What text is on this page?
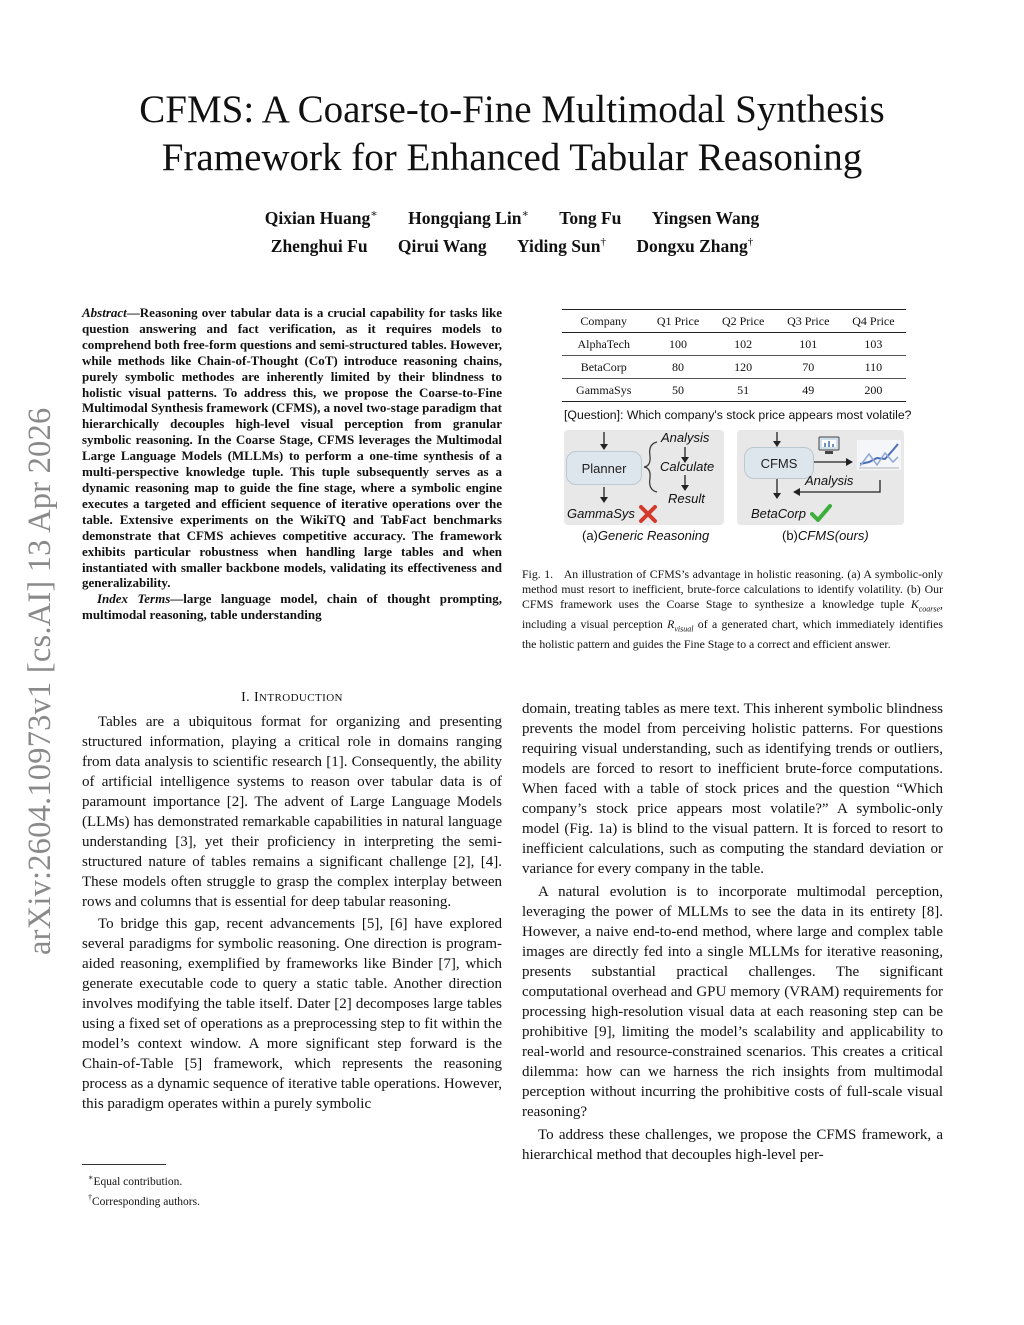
arXiv:2604.10973v1 [cs.AI] 13 Apr 2026
CFMS: A Coarse-to-Fine Multimodal Synthesis
Framework for Enhanced Tabular Reasoning
Qixian Huang∗ Hongqiang Lin∗ Tong Fu Yingsen Wang
Zhenghui Fu Qirui Wang Yiding Sun† Dongxu Zhang†

Abstract—Reasoning over tabular data is a crucial capability for tasks like question answering and fact verification, as it requires models to comprehend both free-form questions and semi-structured tables. However, while methods like Chain-of-Thought (CoT) introduce reasoning chains, purely symbolic methodes are inherently limited by their blindness to holistic visual patterns. To address this, we propose the Coarse-to-Fine Multimodal Synthesis framework (CFMS), a novel two-stage paradigm that hierarchically decouples high-level visual perception from granular symbolic reasoning. In the Coarse Stage, CFMS leverages the Multimodal Large Language Models (MLLMs) to perform a one-time synthesis of a multi-perspective knowledge tuple. This tuple subsequently serves as a dynamic reasoning map to guide the fine stage, where a symbolic engine executes a targeted and efficient sequence of iterative operations over the table. Extensive experiments on the WikiTQ and TabFact benchmarks demonstrate that CFMS achieves competitive accuracy. The framework exhibits particular robustness when handling large tables and when instantiated with smaller backbone models, validating its effectiveness and generalizability.

Index Terms—large language model, chain of thought prompting, multimodal reasoning, table understanding

I. INTRODUCTION

Tables are a ubiquitous format for organizing and presenting structured information, playing a critical role in domains ranging from data analysis to scientific research [1]. Consequently, the ability of artificial intelligence systems to reason over tabular data is of paramount importance [2]. The advent of Large Language Models (LLMs) has demonstrated remarkable capabilities in natural language understanding [3], yet their proficiency in interpreting the semi-structured nature of tables remains a significant challenge [2], [4]. These models often struggle to grasp the complex interplay between rows and columns that is essential for deep tabular reasoning.

To bridge this gap, recent advancements [5], [6] have explored several paradigms for symbolic reasoning. One direction is program-aided reasoning, exemplified by frameworks like Binder [7], which generate executable code to query a static table. Another direction involves modifying the table itself. Dater [2] decomposes large tables using a fixed set of operations as a preprocessing step to fit within the model’s context window. A more significant step forward is the Chain-of-Table [5] framework, which represents the reasoning process as a dynamic sequence of iterative table operations. However, this paradigm operates within a purely symbolic

∗Equal contribution.
†Corresponding authors.
Company	Q1 Price	Q2 Price	Q3 Price	Q4 Price
AlphaTech	100	102	101	103
BetaCorp	80	120	70	110
GammaSys	50	51	49	200
[Question]: Which company's stock price appears most volatile?
Planner
Analysis
Calculate
Result
GammaSys
(a)Generic Reasoning
CFMS
Analysis
BetaCorp
(b)CFMS(ours)
Fig. 1. An illustration of CFMS’s advantage in holistic reasoning. (a) A symbolic-only method must resort to inefficient, brute-force calculations to identify volatility. (b) Our CFMS framework uses the Coarse Stage to synthesize a knowledge tuple $K_{coarse}$, including a visual perception $R_{visual}$ of a generated chart, which immediately identifies the holistic pattern and guides the Fine Stage to a correct and efficient answer.

domain, treating tables as mere text. This inherent symbolic blindness prevents the model from perceiving holistic patterns. For questions requiring visual understanding, such as identifying trends or outliers, models are forced to resort to inefficient brute-force computations. When faced with a table of stock prices and the question “Which company’s stock price appears most volatile?” A symbolic-only model (Fig. 1a) is blind to the visual pattern. It is forced to resort to inefficient calculations, such as computing the standard deviation or variance for every company in the table.

A natural evolution is to incorporate multimodal perception, leveraging the power of MLLMs to see the data in its entirety [8]. However, a naive end-to-end method, where large and complex table images are directly fed into a single MLLMs for iterative reasoning, presents substantial practical challenges. The significant computational overhead and GPU memory (VRAM) requirements for processing high-resolution visual data at each reasoning step can be prohibitive [9], limiting the model’s scalability and applicability to real-world and resource-constrained scenarios. This creates a critical dilemma: how can we harness the rich insights from multimodal perception without incurring the prohibitive costs of full-scale visual reasoning?

To address these challenges, we propose the CFMS framework, a hierarchical method that decouples high-level per-
